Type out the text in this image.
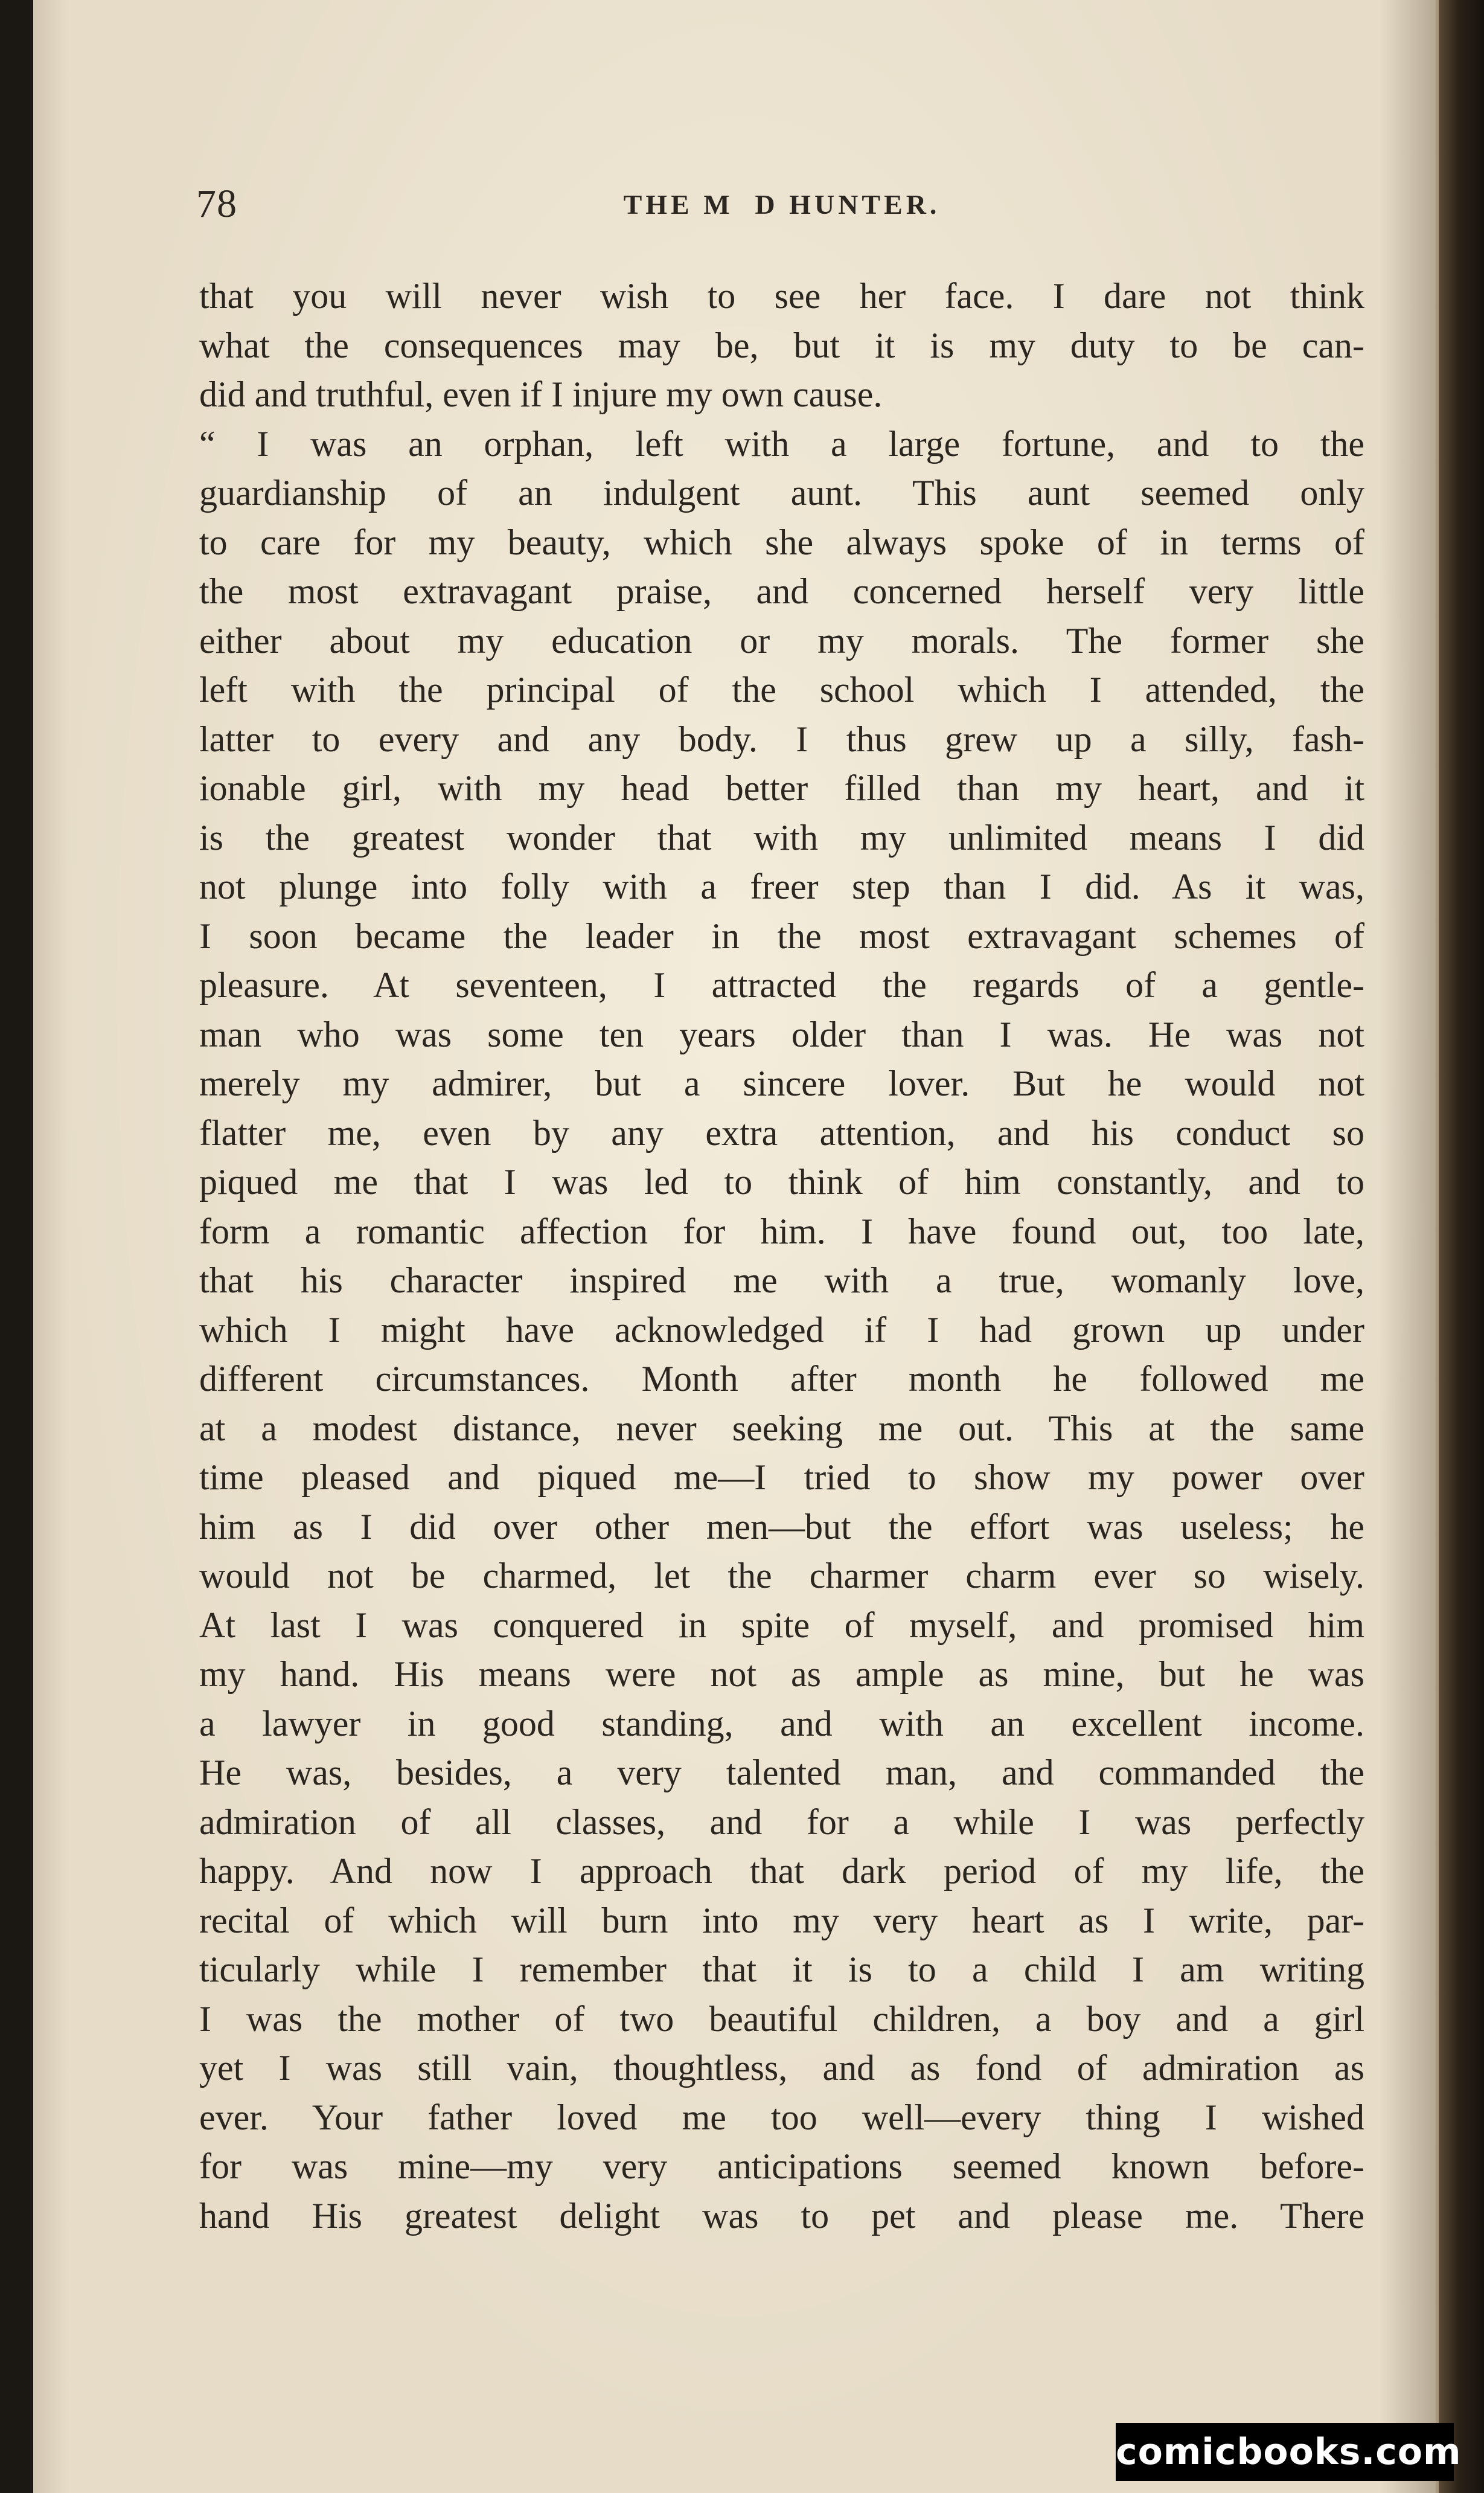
78	THE M𝆭D HUNTER.
that you will never wish to see her face. I dare not think
what the consequences may be, but it is my duty to be can-
did and truthful, even if I injure my own cause.
“ I was an orphan, left with a large fortune, and to the
guardianship of an indulgent aunt. This aunt seemed only
to care for my beauty, which she always spoke of in terms of
the most extravagant praise, and concerned herself very little
either about my education or my morals. The former she
left with the principal of the school which I attended, the
latter to every and any body. I thus grew up a silly, fash-
ionable girl, with my head better filled than my heart, and it
is the greatest wonder that with my unlimited means I did
not plunge into folly with a freer step than I did. As it was,
I soon became the leader in the most extravagant schemes of
pleasure. At seventeen, I attracted the regards of a gentle-
man who was some ten years older than I was. He was not
merely my admirer, but a sincere lover. But he would not
flatter me, even by any extra attention, and his conduct so
piqued me that I was led to think of him constantly, and to
form a romantic affection for him. I have found out, too late,
that his character inspired me with a true, womanly love,
which I might have acknowledged if I had grown up under
different circumstances. Month after month he followed me
at a modest distance, never seeking me out. This at the same
time pleased and piqued me—I tried to show my power over
him as I did over other men—but the effort was useless; he
would not be charmed, let the charmer charm ever so wisely.
At last I was conquered in spite of myself, and promised him
my hand. His means were not as ample as mine, but he was
a lawyer in good standing, and with an excellent income.
He was, besides, a very talented man, and commanded the
admiration of all classes, and for a while I was perfectly
happy. And now I approach that dark period of my life, the
recital of which will burn into my very heart as I write, par-
ticularly while I remember that it is to a child I am writing
I was the mother of two beautiful children, a boy and a girl
yet I was still vain, thoughtless, and as fond of admiration as
ever. Your father loved me too well—every thing I wished
for was mine—my very anticipations seemed known before-
hand His greatest delight was to pet and please me. There
comicbooks.com
